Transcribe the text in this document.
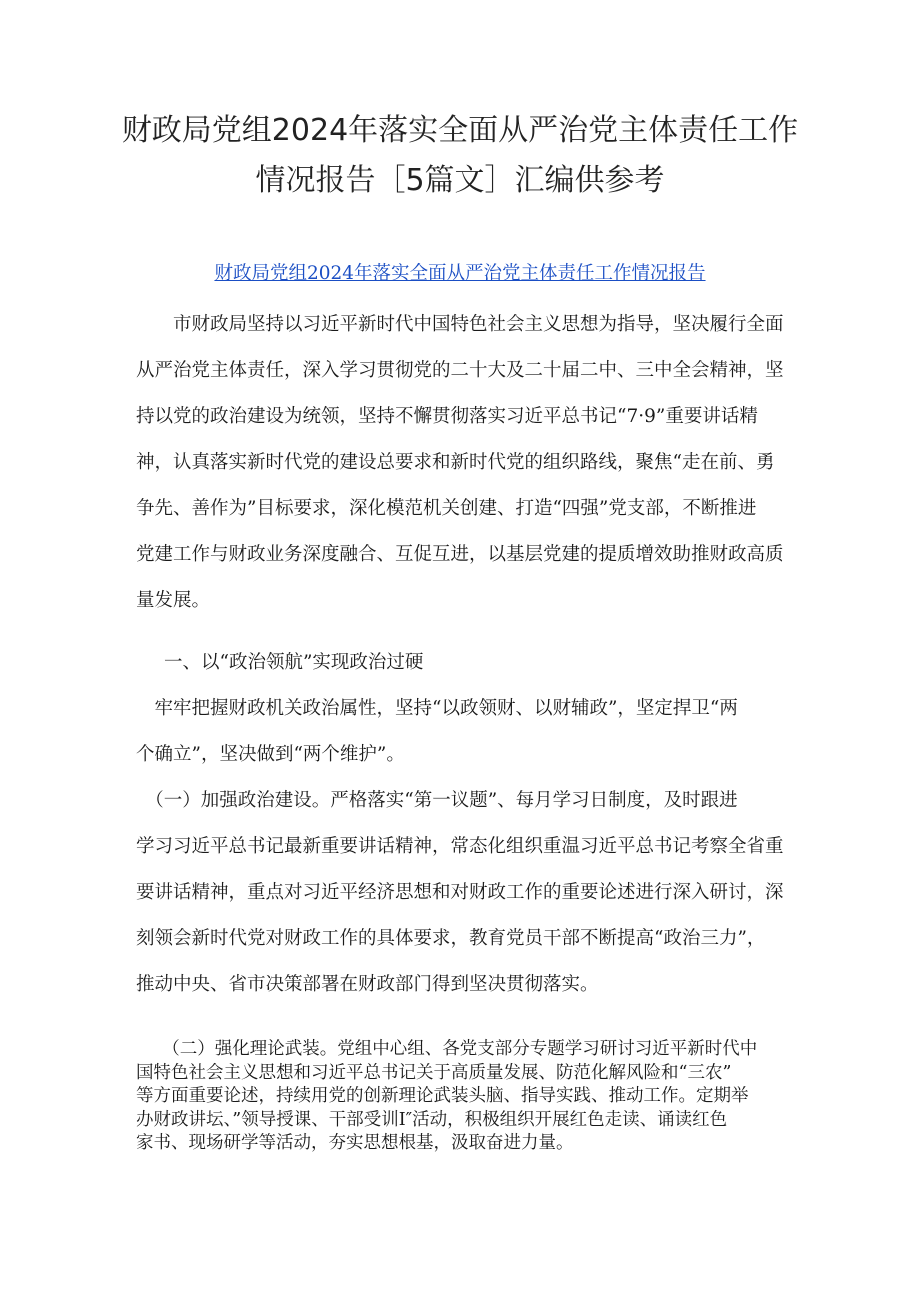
财政局党组2024年落实全面从严治党主体责任工作
情况报告［5篇文］汇编供参考
财政局党组2024年落实全面从严治党主体责任工作情况报告

　　市财政局坚持以习近平新时代中国特色社会主义思想为指导，坚决履行全面
从严治党主体责任，深入学习贯彻党的二十大及二十届二中、三中全会精神，坚
持以党的政治建设为统领，坚持不懈贯彻落实习近平总书记“7·9”重要讲话精
神，认真落实新时代党的建设总要求和新时代党的组织路线，聚焦“走在前、勇
争先、善作为”目标要求，深化模范机关创建、打造“四强”党支部，不断推进
党建工作与财政业务深度融合、互促互进，以基层党建的提质增效助推财政高质
量发展。

一、以“政治领航”实现政治过硬

　牢牢把握财政机关政治属性，坚持“以政领财、以财辅政”，坚定捍卫“两
个确立”，坚决做到“两个维护”。

　（一）加强政治建设。严格落实“第一议题”、每月学习日制度，及时跟进
学习习近平总书记最新重要讲话精神，常态化组织重温习近平总书记考察全省重
要讲话精神，重点对习近平经济思想和对财政工作的重要论述进行深入研讨，深
刻领会新时代党对财政工作的具体要求，教育党员干部不断提高“政治三力”，
推动中央、省市决策部署在财政部门得到坚决贯彻落实。

　　（二）强化理论武装。党组中心组、各党支部分专题学习研讨习近平新时代中
国特色社会主义思想和习近平总书记关于高质量发展、防范化解风险和“三农”
等方面重要论述，持续用党的创新理论武装头脑、指导实践、推动工作。定期举
办财政讲坛、”领导授课、干部受训I″活动，积极组织开展红色走读、诵读红色
家书、现场研学等活动，夯实思想根基，汲取奋进力量。
